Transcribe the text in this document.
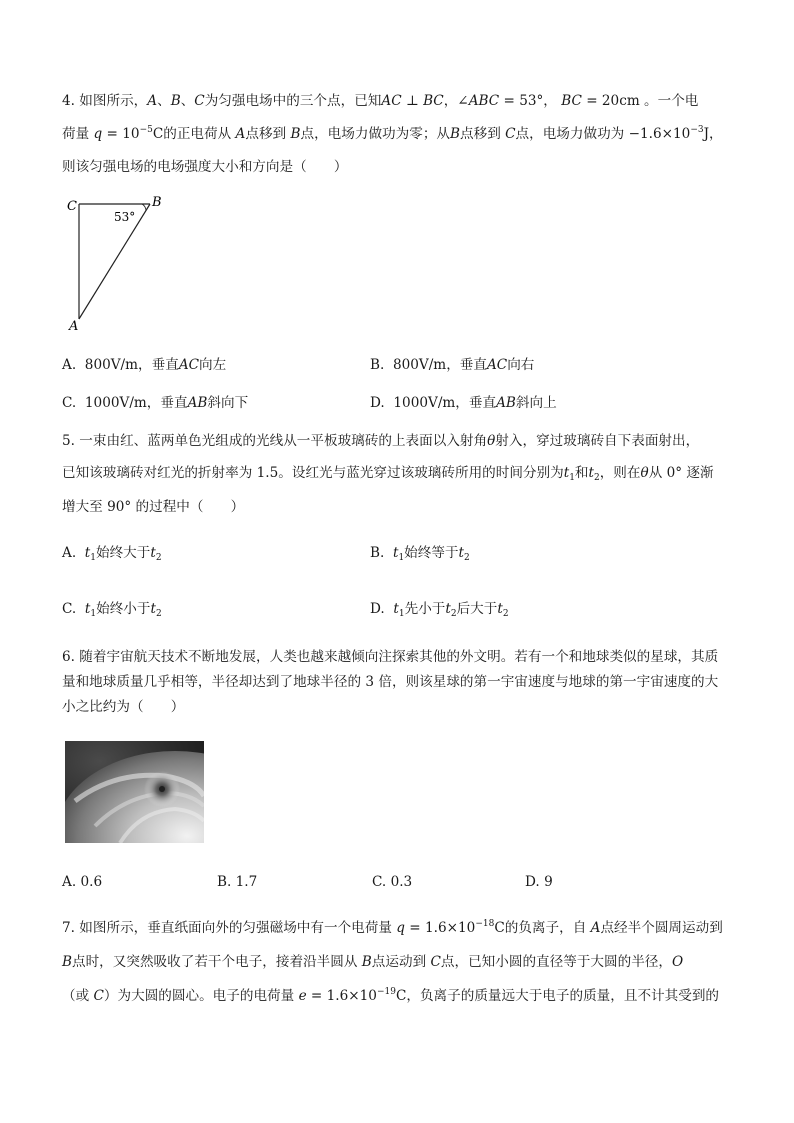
4. 如图所示，A、B、C为匀强电场中的三个点，已知AC ⊥ BC，∠ABC = 53°， BC = 20cm 。一个电
荷量 $q = 10^{-5}C$的正电荷从 A点移到 B点，电场力做功为零；从B点移到 C点，电场力做功为 $-1.6\times 10^{-3}J$，
则该匀强电场的电场强度大小和方向是（　　）
C	B
A
53°
A. 800V/m，垂直AC向左	B. 800V/m，垂直AC向右
C. 1000V/m，垂直AB斜向下	D. 1000V/m，垂直AB斜向上
5. 一束由红、蓝两单色光组成的光线从一平板玻璃砖的上表面以入射角θ射入，穿过玻璃砖自下表面射出，
已知该玻璃砖对红光的折射率为 1.5。设红光与蓝光穿过该玻璃砖所用的时间分别为$t_1$和$t_2$，则在θ从 0° 逐渐
增大至 90° 的过程中（　　）
A. $t_1$始终大于$t_2$	B. $t_1$始终等于$t_2$
C. $t_1$始终小于$t_2$	D. $t_1$先小于$t_2$后大于$t_2$
6. 随着宇宙航天技术不断地发展，人类也越来越倾向注探索其他的外文明。若有一个和地球类似的星球，其质
量和地球质量几乎相等，半径却达到了地球半径的 3 倍，则该星球的第一宇宙速度与地球的第一宇宙速度的大
小之比约为（　　）
A. 0.6	B. 1.7	C. 0.3	D. 9
7. 如图所示，垂直纸面向外的匀强磁场中有一个电荷量 $q = 1.6\times 10^{-18}C$的负离子，自 A点经半个圆周运动到
B点时，又突然吸收了若干个电子，接着沿半圆从 B点运动到 C点，已知小圆的直径等于大圆的半径，O
（或 C）为大圆的圆心。电子的电荷量 $e = 1.6\times 10^{-19}C$，负离子的质量远大于电子的质量，且不计其受到的
